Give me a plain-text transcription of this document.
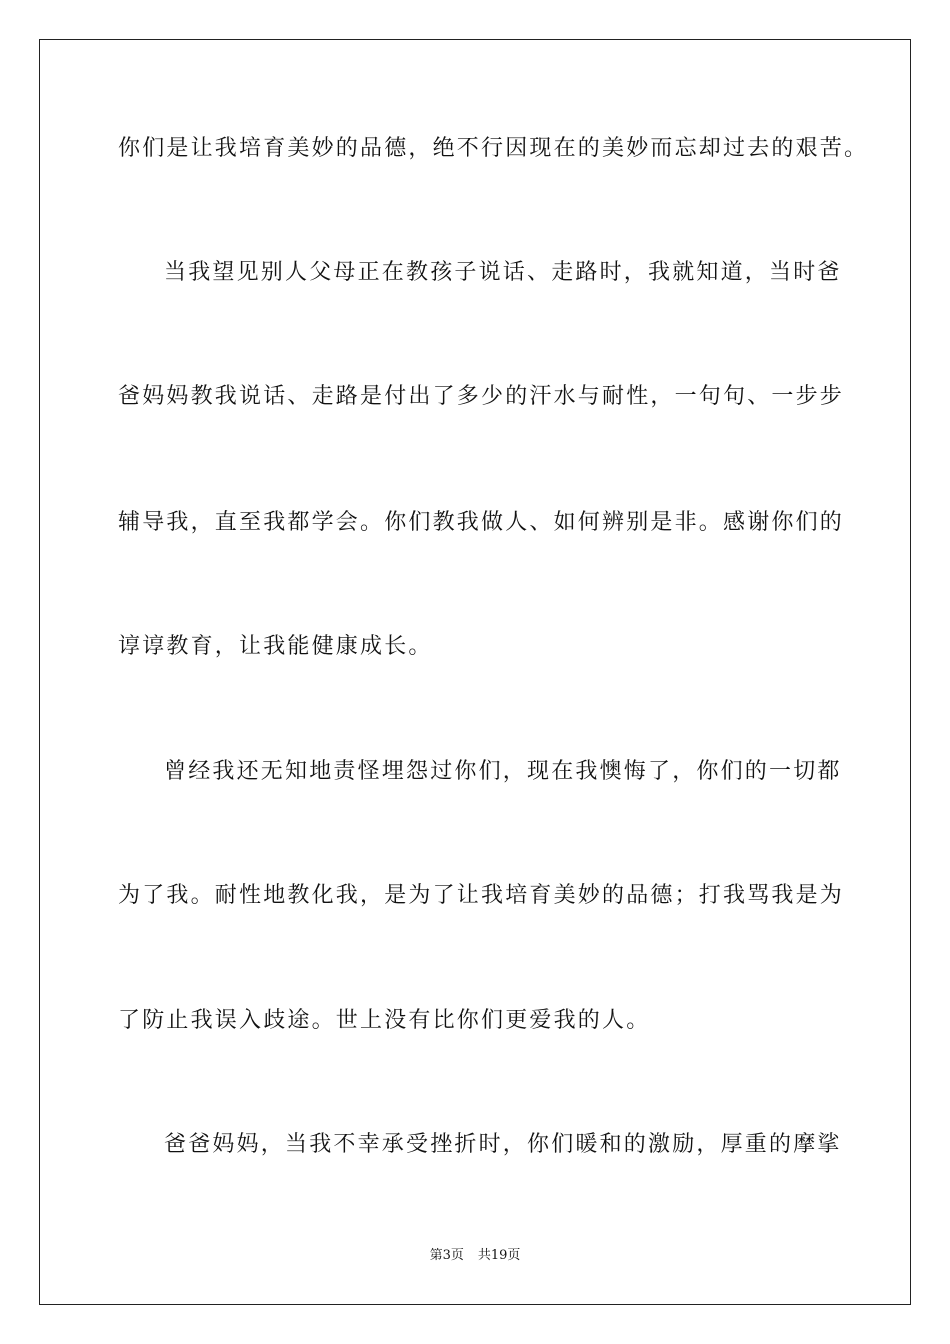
你们是让我培育美妙的品德，绝不行因现在的美妙而忘却过去的艰苦。
当我望见别人父母正在教孩子说话、走路时，我就知道，当时爸
爸妈妈教我说话、走路是付出了多少的汗水与耐性，一句句、一步步
辅导我，直至我都学会。你们教我做人、如何辨别是非。感谢你们的
谆谆教育，让我能健康成长。
曾经我还无知地责怪埋怨过你们，现在我懊悔了，你们的一切都
为了我。耐性地教化我，是为了让我培育美妙的品德；打我骂我是为
了防止我误入歧途。世上没有比你们更爱我的人。
爸爸妈妈，当我不幸承受挫折时，你们暖和的激励，厚重的摩挲
第3页 共19页
